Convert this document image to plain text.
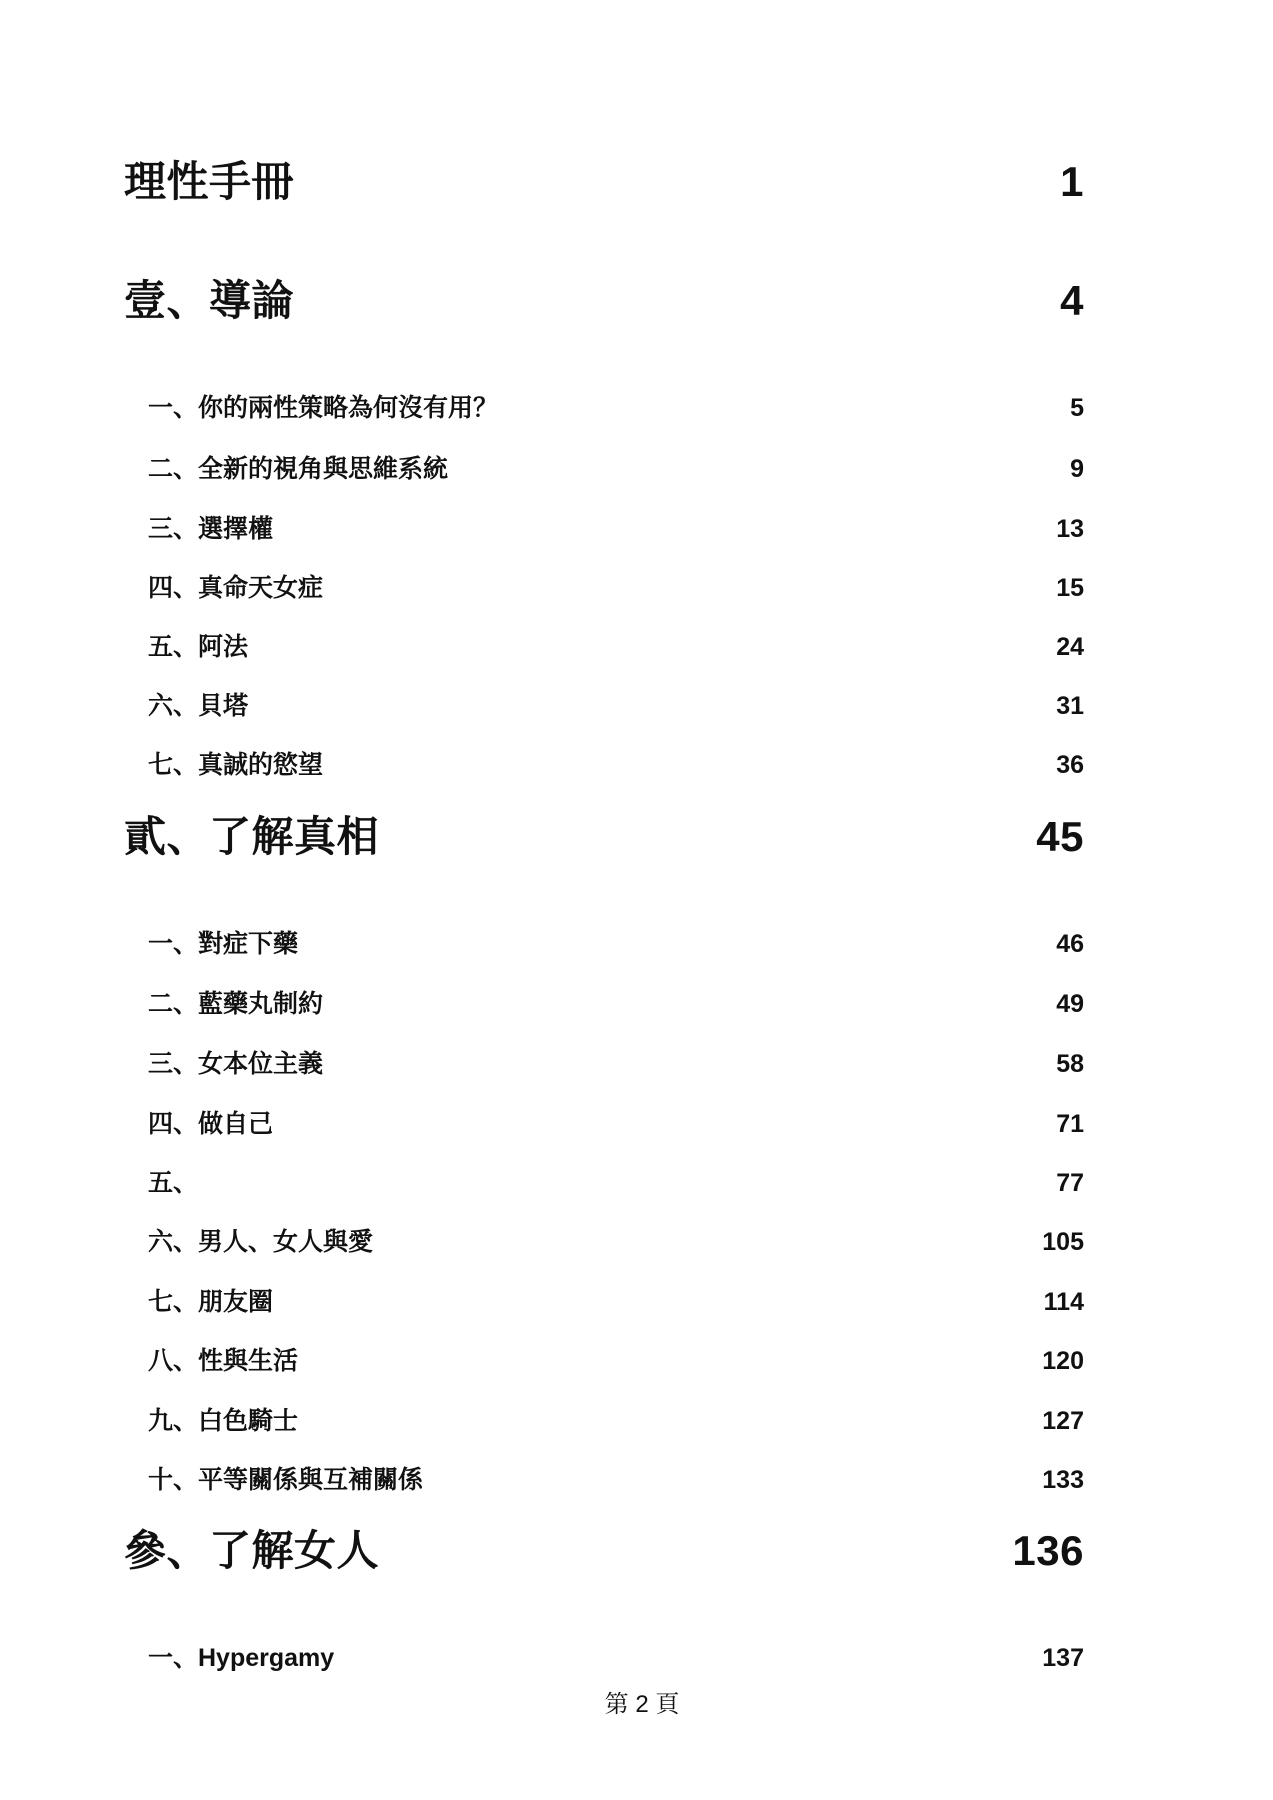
理性手冊	1
壹、導論	4
一、你的兩性策略為何沒有用？	5
二、全新的視角與思維系統	9
三、選擇權	13
四、真命天女症	15
五、阿法	24
六、貝塔	31
七、真誠的慾望	36
貳、了解真相	45
一、對症下藥	46
二、藍藥丸制約	49
三、女本位主義	58
四、做自己	71
五、	77
六、男人、女人與愛	105
七、朋友圈	114
八、性與生活	120
九、白色騎士	127
十、平等關係與互補關係	133
參、了解女人	136
一、Hypergamy	137
第 2 頁
